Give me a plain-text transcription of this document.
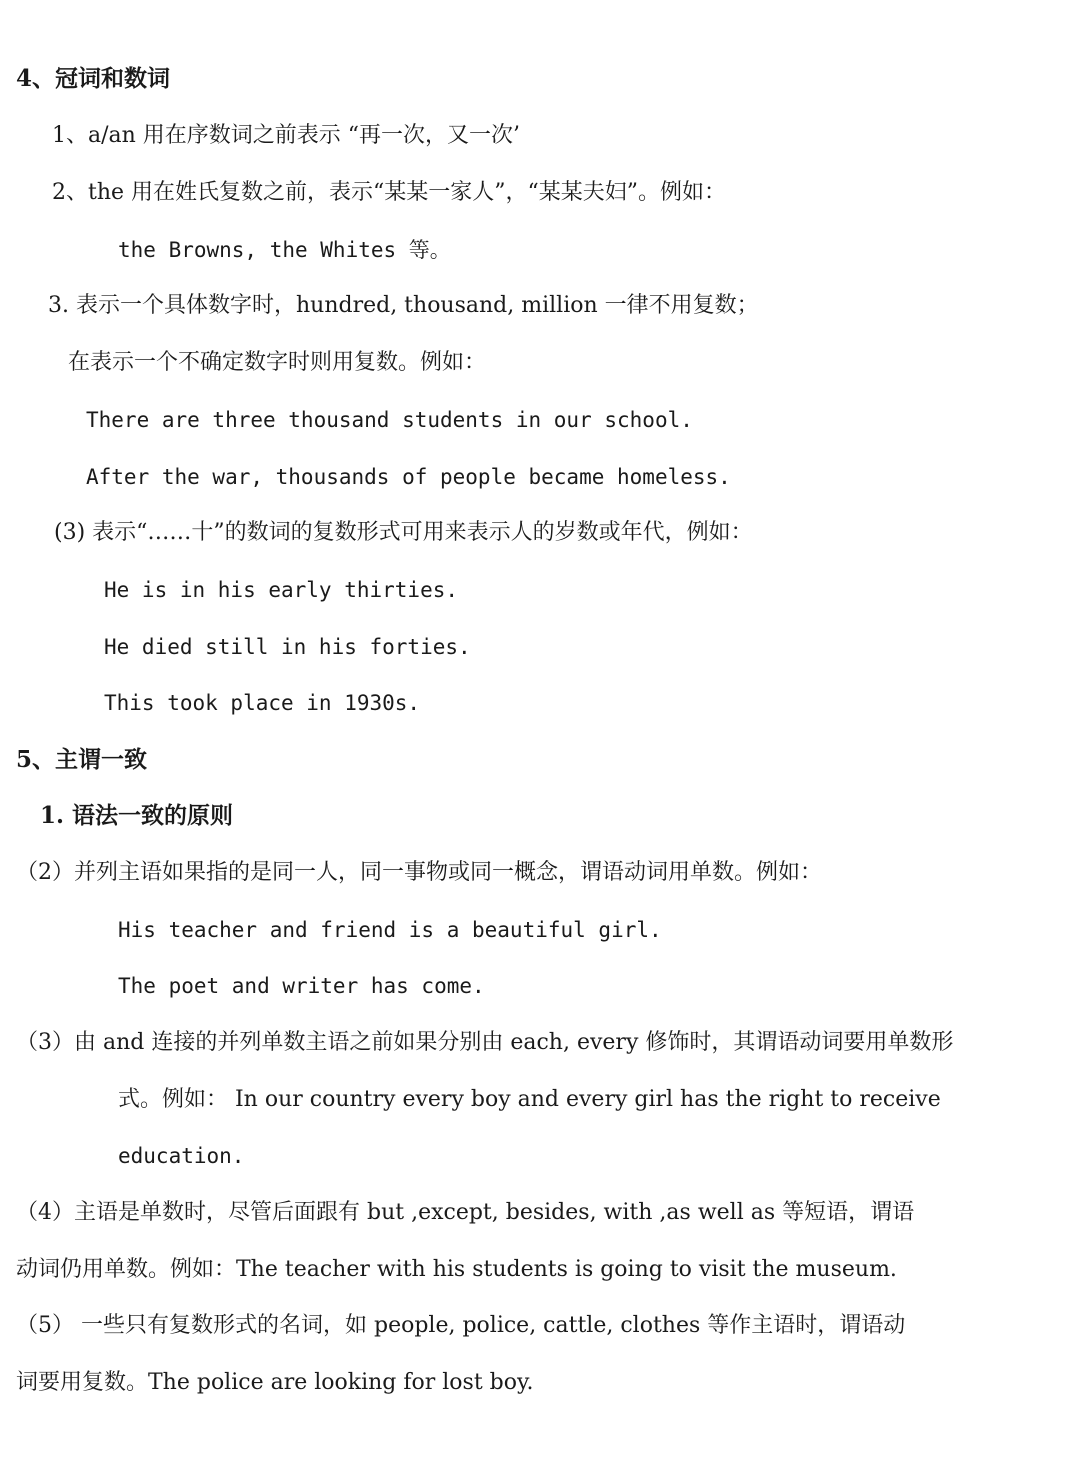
4、冠词和数词
1、a/an 用在序数词之前表示 “再一次，又一次’
2、the 用在姓氏复数之前，表示“某某一家人”，“某某夫妇”。例如：
the Browns, the Whites 等。
3. 表示一个具体数字时，hundred, thousand, million 一律不用复数；
在表示一个不确定数字时则用复数。例如：
There are three thousand students in our school.
After the war, thousands of people became homeless.
(3) 表示“……十”的数词的复数形式可用来表示人的岁数或年代，例如：
He is in his early thirties.
He died still in his forties.
This took place in 1930s.
5、主谓一致
1. 语法一致的原则
（2）并列主语如果指的是同一人，同一事物或同一概念，谓语动词用单数。例如：
His teacher and friend is a beautiful girl.
The poet and writer has come.
（3）由 and 连接的并列单数主语之前如果分别由 each, every 修饰时，其谓语动词要用单数形
式。例如： In our country every boy and every girl has the right to receive
education.
（4）主语是单数时，尽管后面跟有 but ,except, besides, with ,as well as 等短语，谓语
动词仍用单数。例如：The teacher with his students is going to visit the museum.
（5） 一些只有复数形式的名词，如 people, police, cattle, clothes 等作主语时，谓语动
词要用复数。The police are looking for lost boy.
